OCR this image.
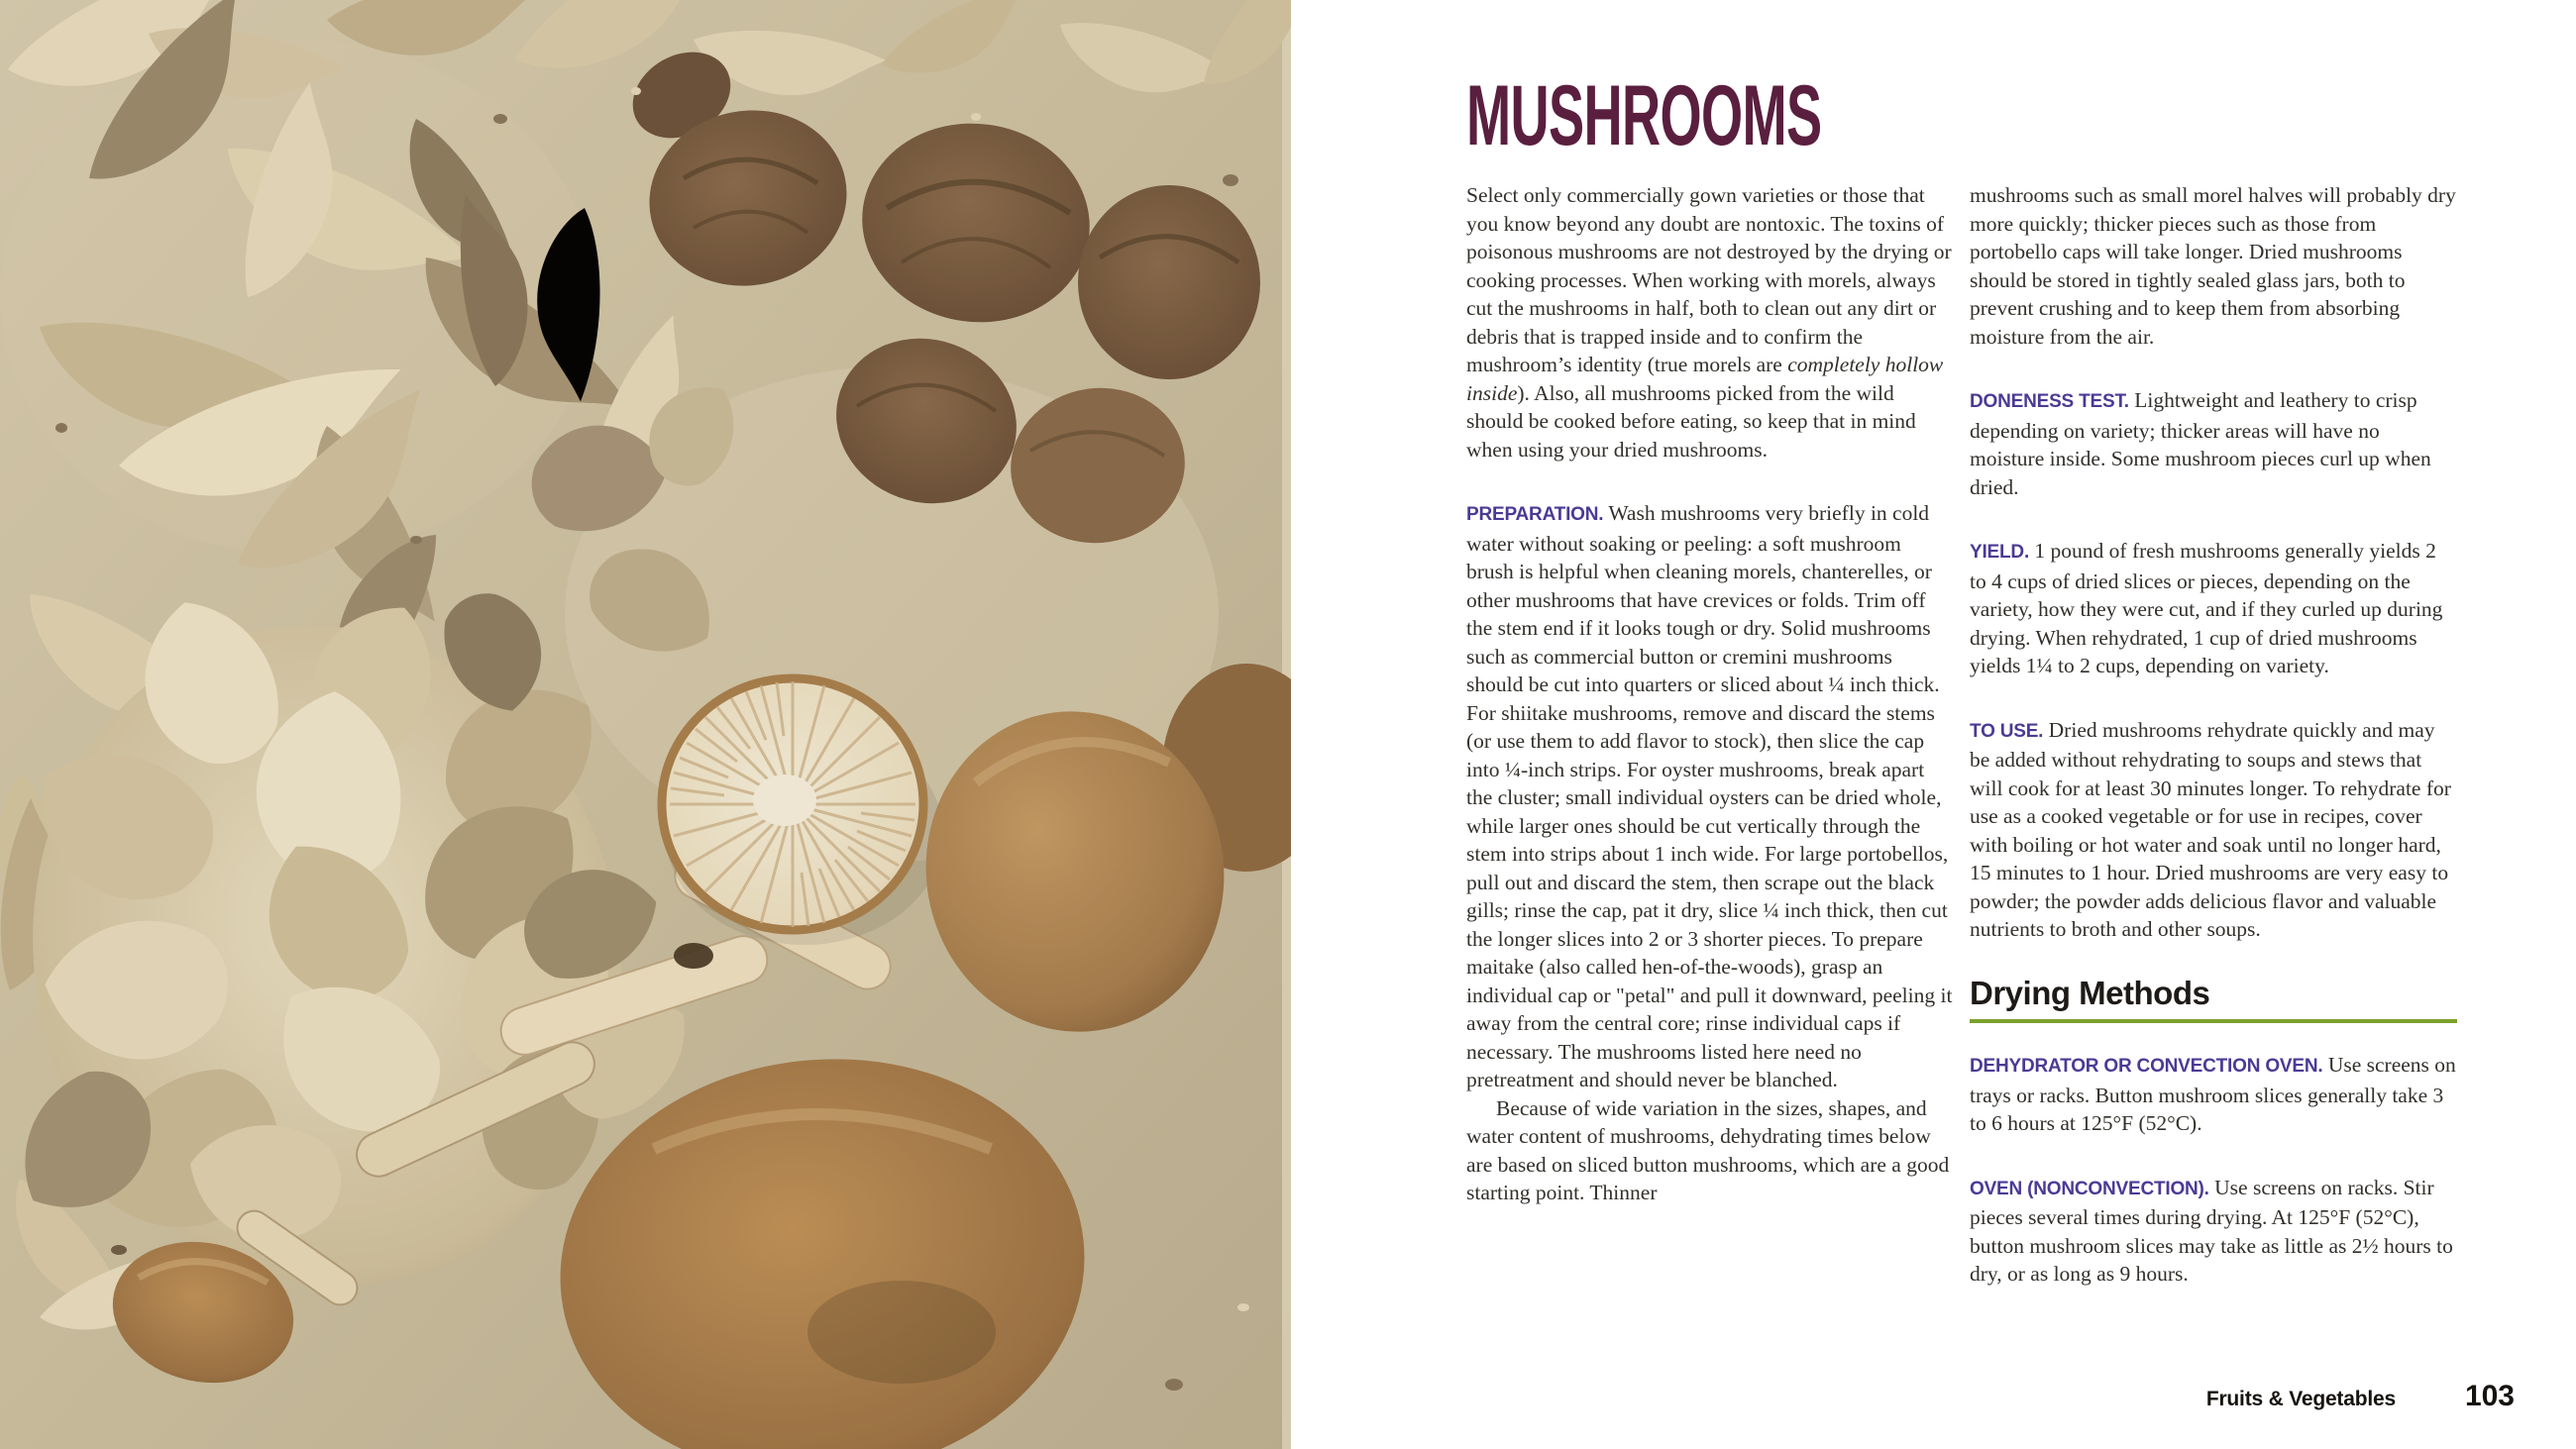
MUSHROOMS

Select only commercially gown varieties or those that you know beyond any doubt are nontoxic. The toxins of poisonous mushrooms are not destroyed by the drying or cooking processes. When working with morels, always cut the mushrooms in half, both to clean out any dirt or debris that is trapped inside and to confirm the mushroom’s identity (true morels are completely hollow inside). Also, all mushrooms picked from the wild should be cooked before eating, so keep that in mind when using your dried mushrooms.

PREPARATION. Wash mushrooms very briefly in cold water without soaking or peeling: a soft mushroom brush is helpful when cleaning morels, chanterelles, or other mushrooms that have crevices or folds. Trim off the stem end if it looks tough or dry. Solid mushrooms such as commercial button or cremini mushrooms should be cut into quarters or sliced about ¼ inch thick. For shiitake mushrooms, remove and discard the stems (or use them to add flavor to stock), then slice the cap into ¼-inch strips. For oyster mushrooms, break apart the cluster; small individual oysters can be dried whole, while larger ones should be cut vertically through the stem into strips about 1 inch wide. For large portobellos, pull out and discard the stem, then scrape out the black gills; rinse the cap, pat it dry, slice ¼ inch thick, then cut the longer slices into 2 or 3 shorter pieces. To prepare maitake (also called hen-of-the-woods), grasp an individual cap or "petal" and pull it downward, peeling it away from the central core; rinse individual caps if necessary. The mushrooms listed here need no pretreatment and should never be blanched.

Because of wide variation in the sizes, shapes, and water content of mushrooms, dehydrating times below are based on sliced button mushrooms, which are a good starting point. Thinner

mushrooms such as small morel halves will probably dry more quickly; thicker pieces such as those from portobello caps will take longer. Dried mushrooms should be stored in tightly sealed glass jars, both to prevent crushing and to keep them from absorbing moisture from the air.

DONENESS TEST. Lightweight and leathery to crisp depending on variety; thicker areas will have no moisture inside. Some mushroom pieces curl up when dried.

YIELD. 1 pound of fresh mushrooms generally yields 2 to 4 cups of dried slices or pieces, depending on the variety, how they were cut, and if they curled up during drying. When rehydrated, 1 cup of dried mushrooms yields 1¼ to 2 cups, depending on variety.

TO USE. Dried mushrooms rehydrate quickly and may be added without rehydrating to soups and stews that will cook for at least 30 minutes longer. To rehydrate for use as a cooked vegetable or for use in recipes, cover with boiling or hot water and soak until no longer hard, 15 minutes to 1 hour. Dried mushrooms are very easy to powder; the powder adds delicious flavor and valuable nutrients to broth and other soups.

Drying Methods

DEHYDRATOR OR CONVECTION OVEN. Use screens on trays or racks. Button mushroom slices generally take 3 to 6 hours at 125°F (52°C).

OVEN (NONCONVECTION). Use screens on racks. Stir pieces several times during drying. At 125°F (52°C), button mushroom slices may take as little as 2½ hours to dry, or as long as 9 hours.

Fruits & Vegetables 103
